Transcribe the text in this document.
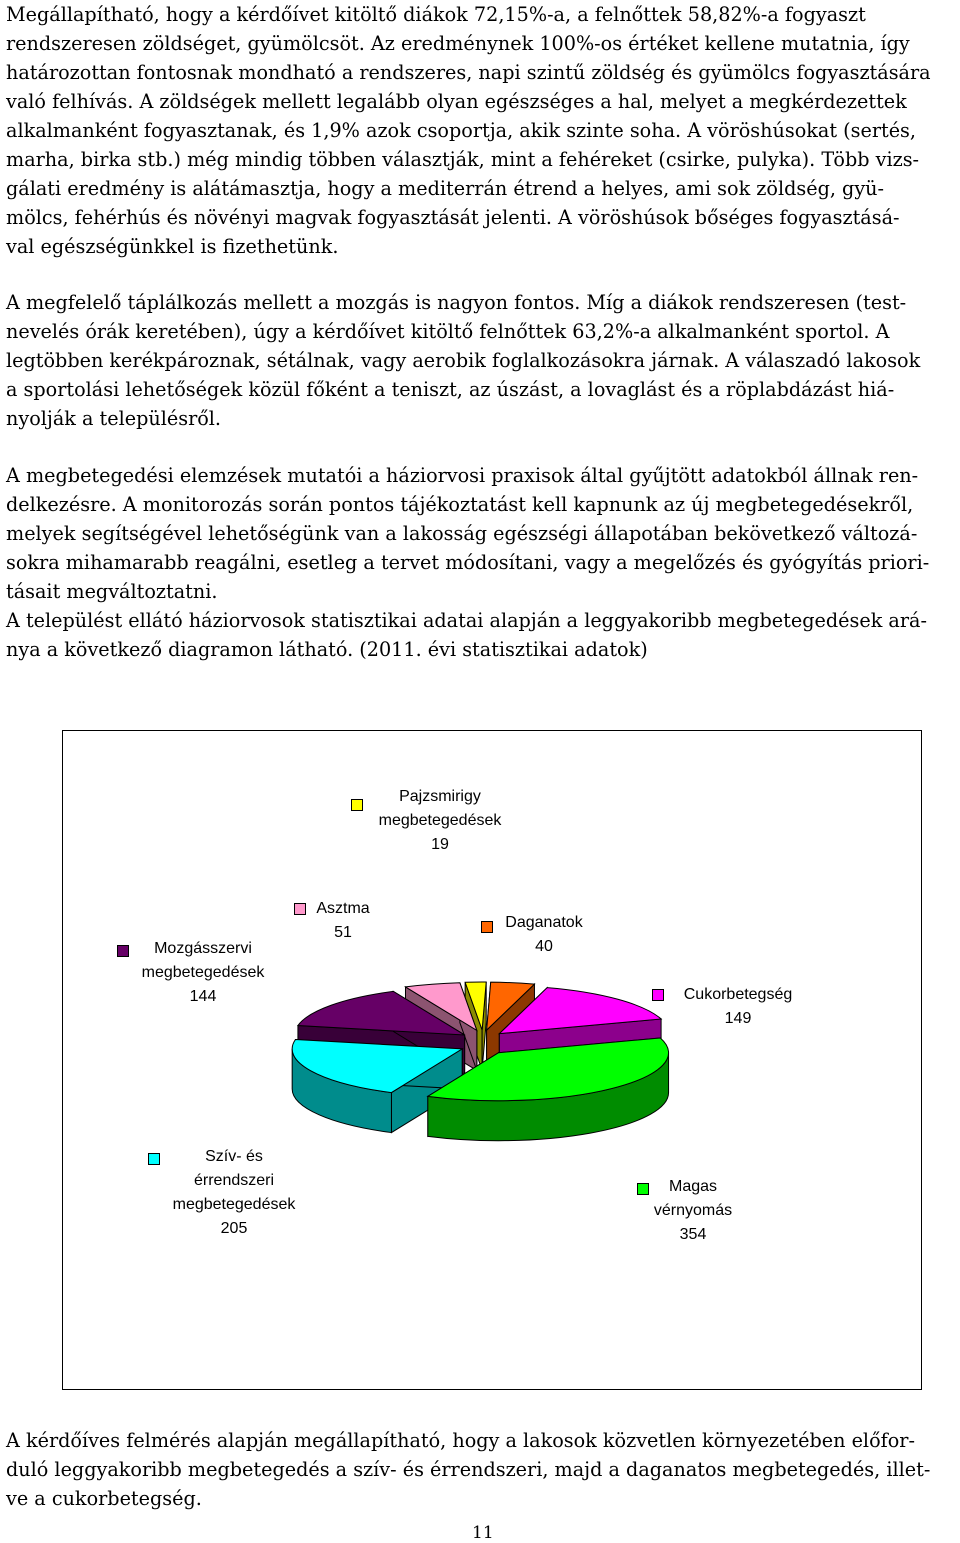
Megállapítható, hogy a kérdőívet kitöltő diákok 72,15%-a, a felnőttek 58,82%-a fogyaszt
rendszeresen zöldséget, gyümölcsöt. Az eredménynek 100%-os értéket kellene mutatnia, így
határozottan fontosnak mondható a rendszeres, napi szintű zöldség és gyümölcs fogyasztására
való felhívás. A zöldségek mellett legalább olyan egészséges a hal, melyet a megkérdezettek
alkalmanként fogyasztanak, és 1,9% azok csoportja, akik szinte soha. A vöröshúsokat (sertés,
marha, birka stb.) még mindig többen választják, mint a fehéreket (csirke, pulyka). Több vizs-
gálati eredmény is alátámasztja, hogy a mediterrán étrend a helyes, ami sok zöldség, gyü-
mölcs, fehérhús és növényi magvak fogyasztását jelenti. A vöröshúsok bőséges fogyasztásá-
val egészségünkkel is fizethetünk.
A megfelelő táplálkozás mellett a mozgás is nagyon fontos. Míg a diákok rendszeresen (test-
nevelés órák keretében), úgy a kérdőívet kitöltő felnőttek 63,2%-a alkalmanként sportol. A
legtöbben kerékpároznak, sétálnak, vagy aerobik foglalkozásokra járnak. A válaszadó lakosok
a sportolási lehetőségek közül főként a teniszt, az úszást, a lovaglást és a röplabdázást hiá-
nyolják a településről.
A megbetegedési elemzések mutatói a háziorvosi praxisok által gyűjtött adatokból állnak ren-
delkezésre. A monitorozás során pontos tájékoztatást kell kapnunk az új megbetegedésekről,
melyek segítségével lehetőségünk van a lakosság egészségi állapotában bekövetkező változá-
sokra mihamarabb reagálni, esetleg a tervet módosítani, vagy a megelőzés és gyógyítás priori-
tásait megváltoztatni.
A települést ellátó háziorvosok statisztikai adatai alapján a leggyakoribb megbetegedések ará-
nya a következő diagramon látható. (2011. évi statisztikai adatok)
Pajzsmirigy
megbetegedések
19
Daganatok
40
Cukorbetegség
149
Magas
vérnyomás
354
Szív- és
érrendszeri
megbetegedések
205
Mozgásszervi
megbetegedések
144
Asztma
51
A kérdőíves felmérés alapján megállapítható, hogy a lakosok közvetlen környezetében előfor-
duló leggyakoribb megbetegedés a szív- és érrendszeri, majd a daganatos megbetegedés, illet-
ve a cukorbetegség.
11
